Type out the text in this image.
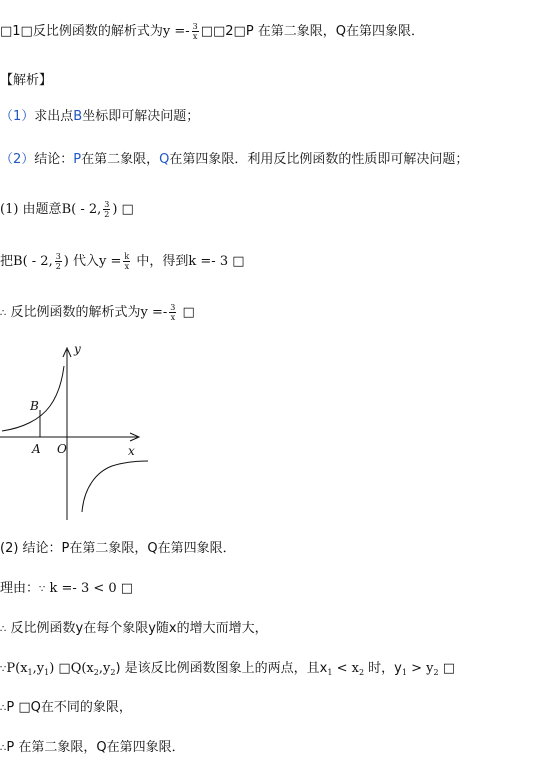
□1□反比例函数的解析式为$y =- \frac{3}{x}$ □□2□P 在第二象限，Q在第四象限．
【解析】
（1）求出点B坐标即可解决问题；
（2）结论：P在第二象限，Q在第四象限．利用反比例函数的性质即可解决问题；
(1) 由题意B( - 2, $\frac{3}{2}$ ) □
把B( - 2, $\frac{3}{2}$ ) 代入$y = \frac{k}{x}$ 中，得到k =- 3 □
∴ 反比例函数的解析式为$y =- \frac{3}{x}$ □
y
x
O
B
A
(2) 结论：P在第二象限，Q在第四象限．
理由：∵ k =- 3 < 0 □
∴ 反比例函数y在每个象限y随x的增大而增大，
$\because P(x_1,y_1)$ $□Q(x_2,y_2)$ 是该反比例函数图象上的两点，且$x_1 < x_2$ 时，$y_1 > y_2$ □
∴P □Q在不同的象限，
∴P 在第二象限，Q在第四象限．
